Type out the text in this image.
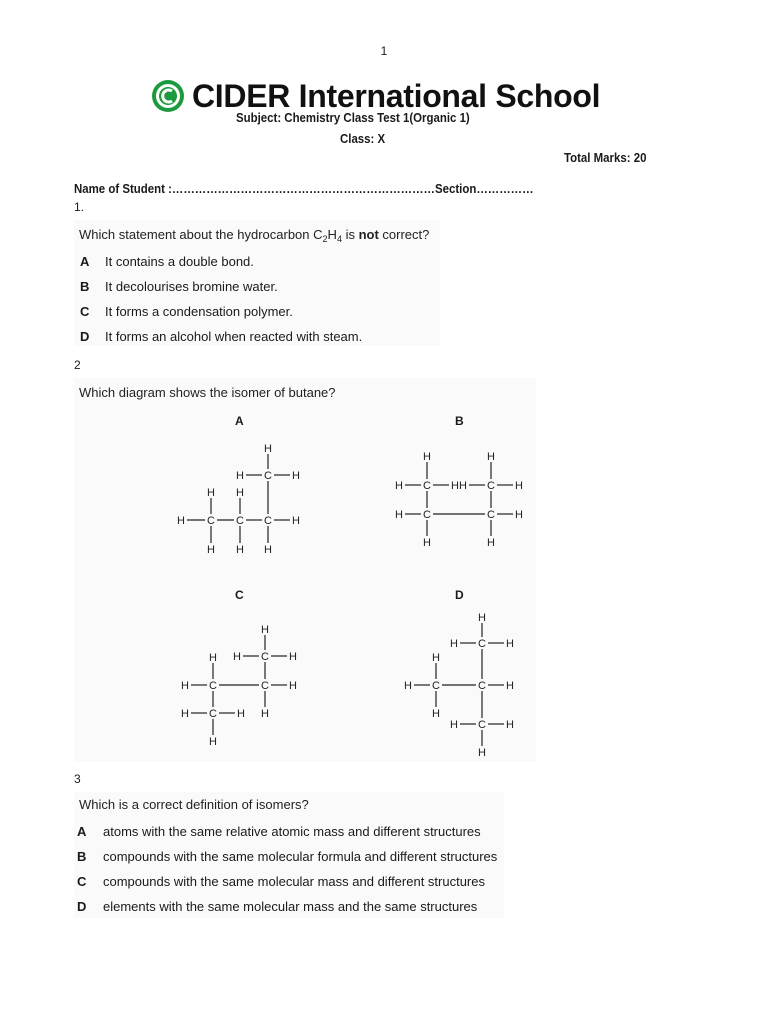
1
CIDER International School
Subject: Chemistry Class Test 1(Organic 1)
Class: X
Total Marks: 20
Name of Student :……………………………………………………………Section……………
1.
Which statement about the hydrocarbon $C_2H_4$ is not correct?
A It contains a double bond.
B It decolourises bromine water.
C It forms a condensation polymer.
D It forms an alcohol when reacted with steam.
2
Which diagram shows the isomer of butane?
A	B
C	D
C C C
C
H
H H
H H H
H
H
H	H
C
C
C
C
H
H
H
H
H
H
H
H
H
H
C
C
C
C
H
H
H	H
H
H
H	H
H
H
C
C
C
C
H
H
H
H
H	H
H
H	H
H
3
Which is a correct definition of isomers?
A atoms with the same relative atomic mass and different structures
B compounds with the same molecular formula and different structures
C compounds with the same molecular mass and different structures
D elements with the same molecular mass and the same structures
